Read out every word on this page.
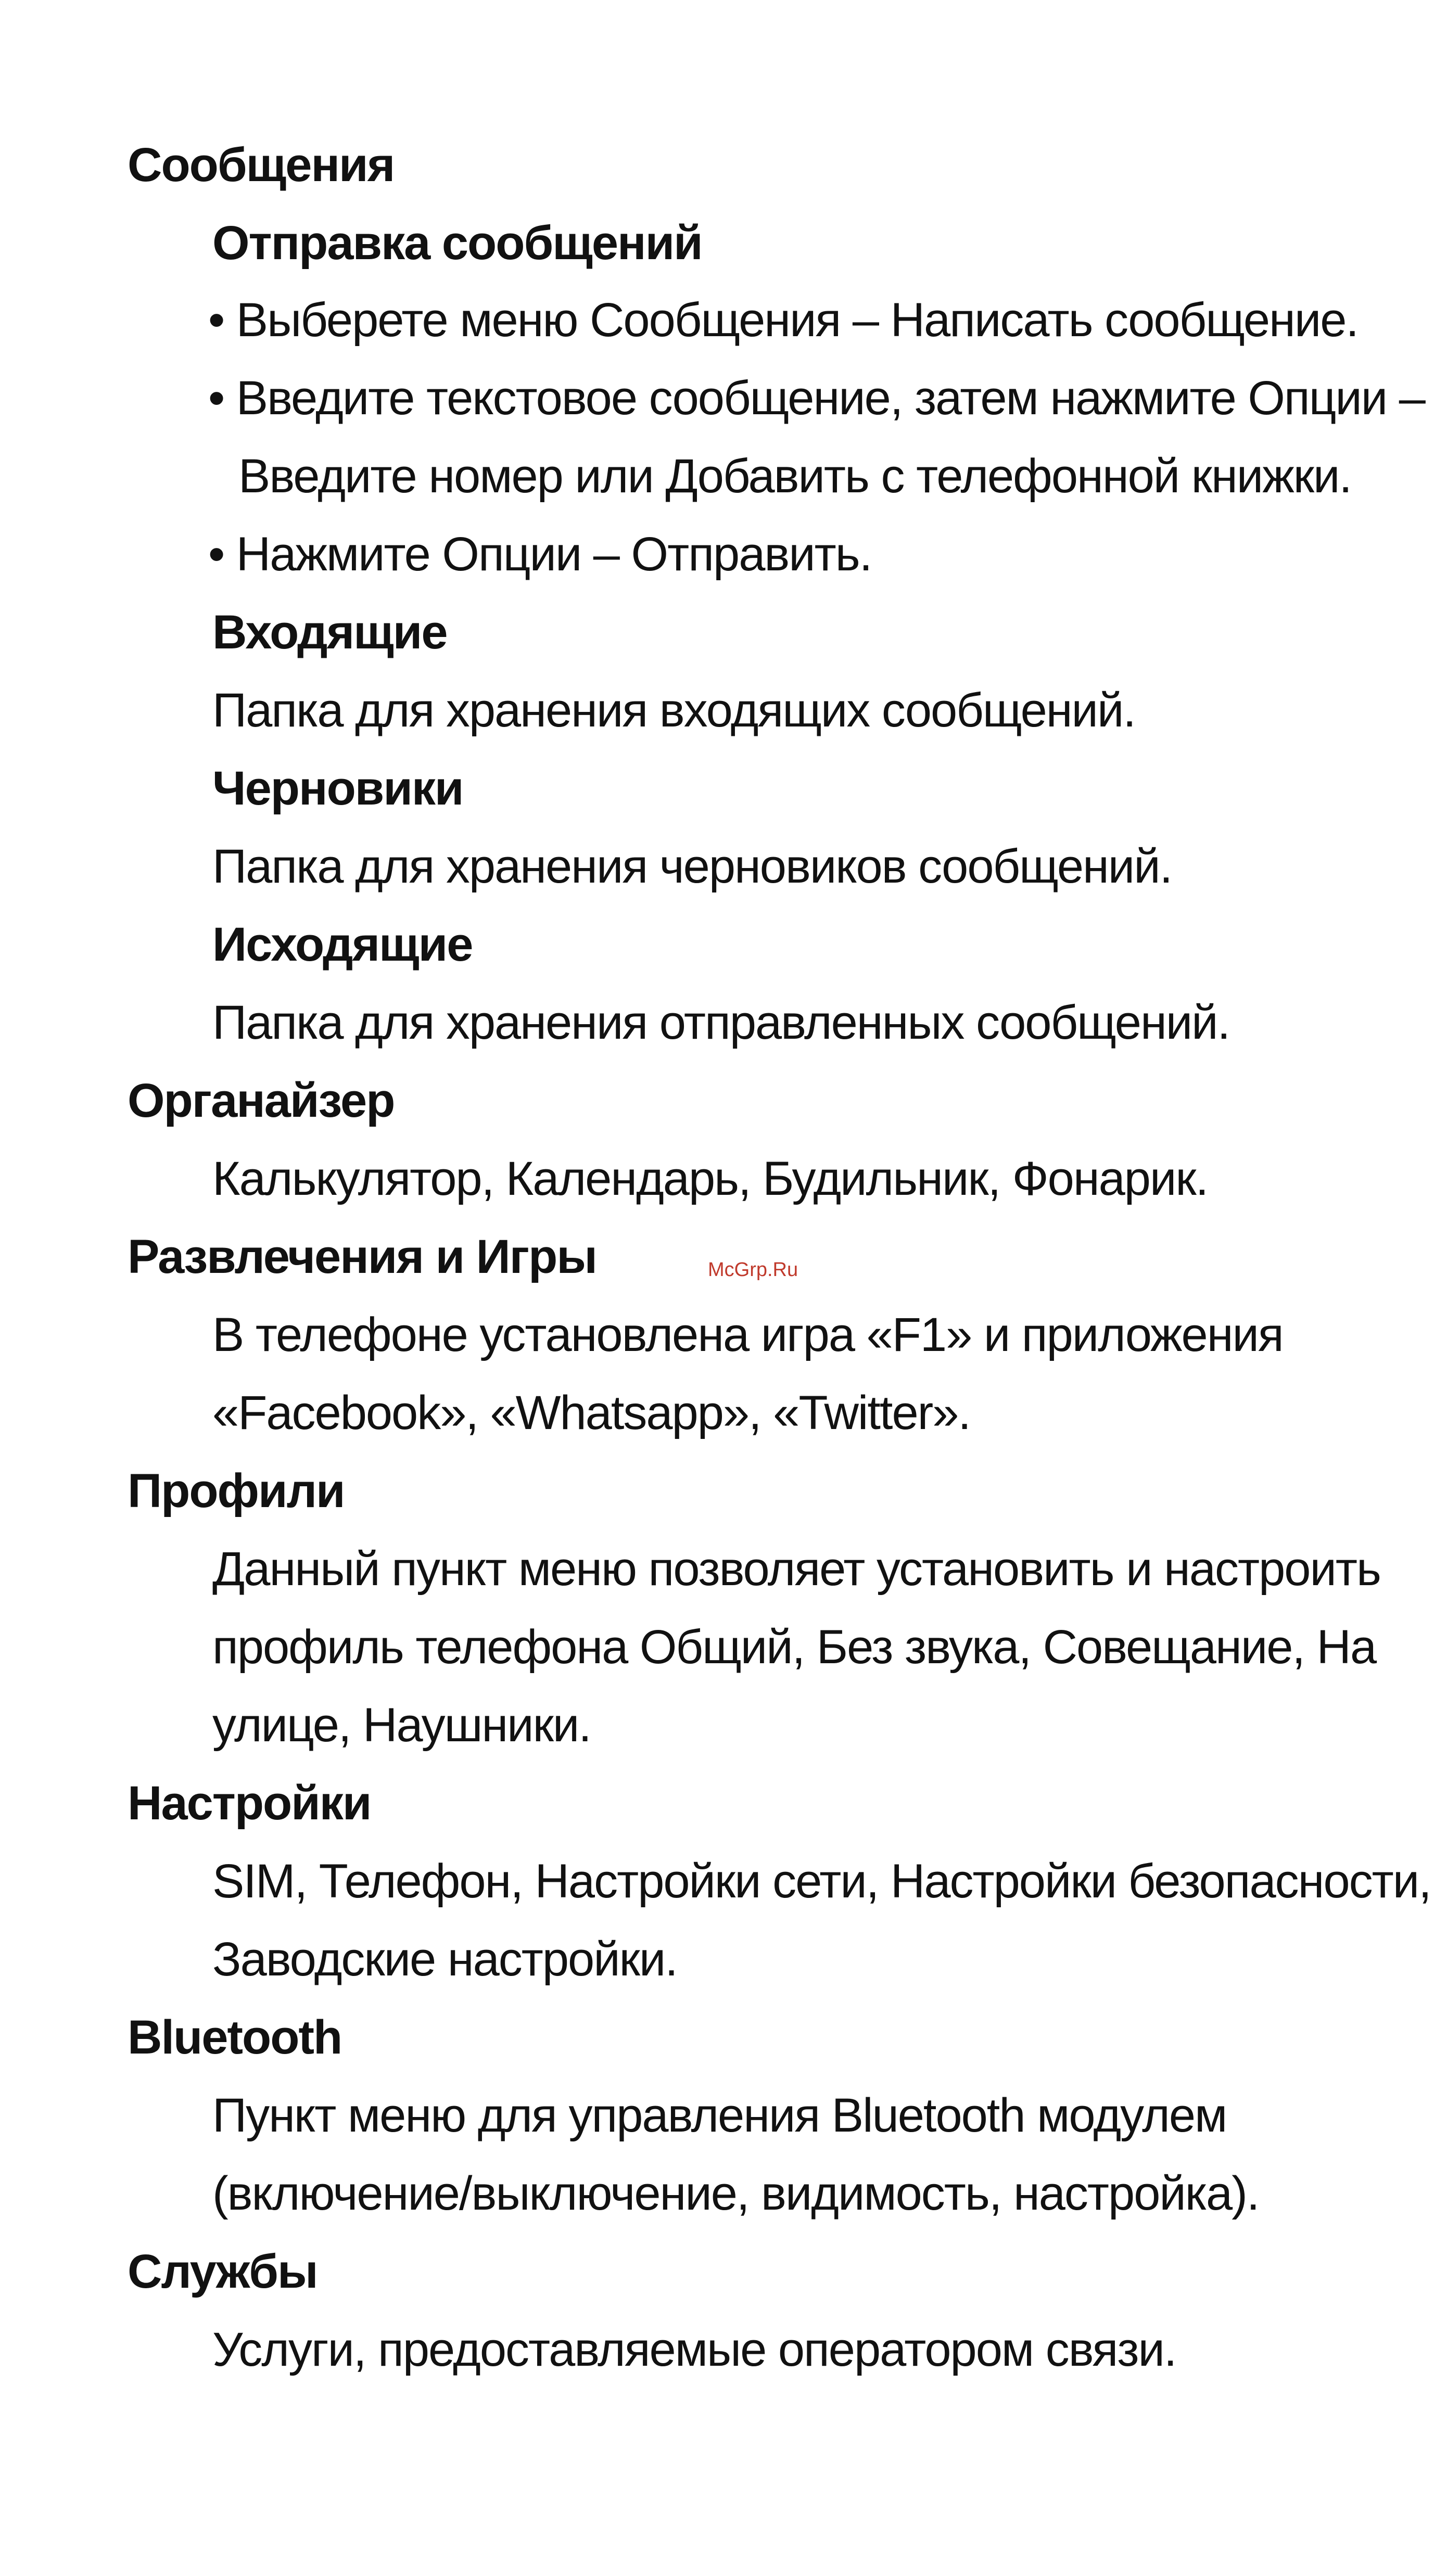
Сообщения
Отправка сообщений
• Выберете меню Сообщения – Написать сообщение.
• Введите текстовое сообщение, затем нажмите Опции –
Введите номер или Добавить с телефонной книжки.
• Нажмите Опции – Отправить.
Входящие
Папка для хранения входящих сообщений.
Черновики
Папка для хранения черновиков сообщений.
Исходящие
Папка для хранения отправленных сообщений.
Органайзер
Калькулятор, Календарь, Будильник, Фонарик.
Развлечения и Игры	McGrp.Ru
В телефоне установлена игра «F1» и приложения
«Facebook», «Whatsapp», «Twitter».
Профили
Данный пункт меню позволяет установить и настроить
профиль телефона Общий, Без звука, Совещание, На
улице, Наушники.
Настройки
SIM, Телефон, Настройки сети, Настройки безопасности,
Заводские настройки.
Bluetooth
Пункт меню для управления Bluetooth модулем
(включение/выключение, видимость, настройка).
Службы
Услуги, предоставляемые оператором связи.
